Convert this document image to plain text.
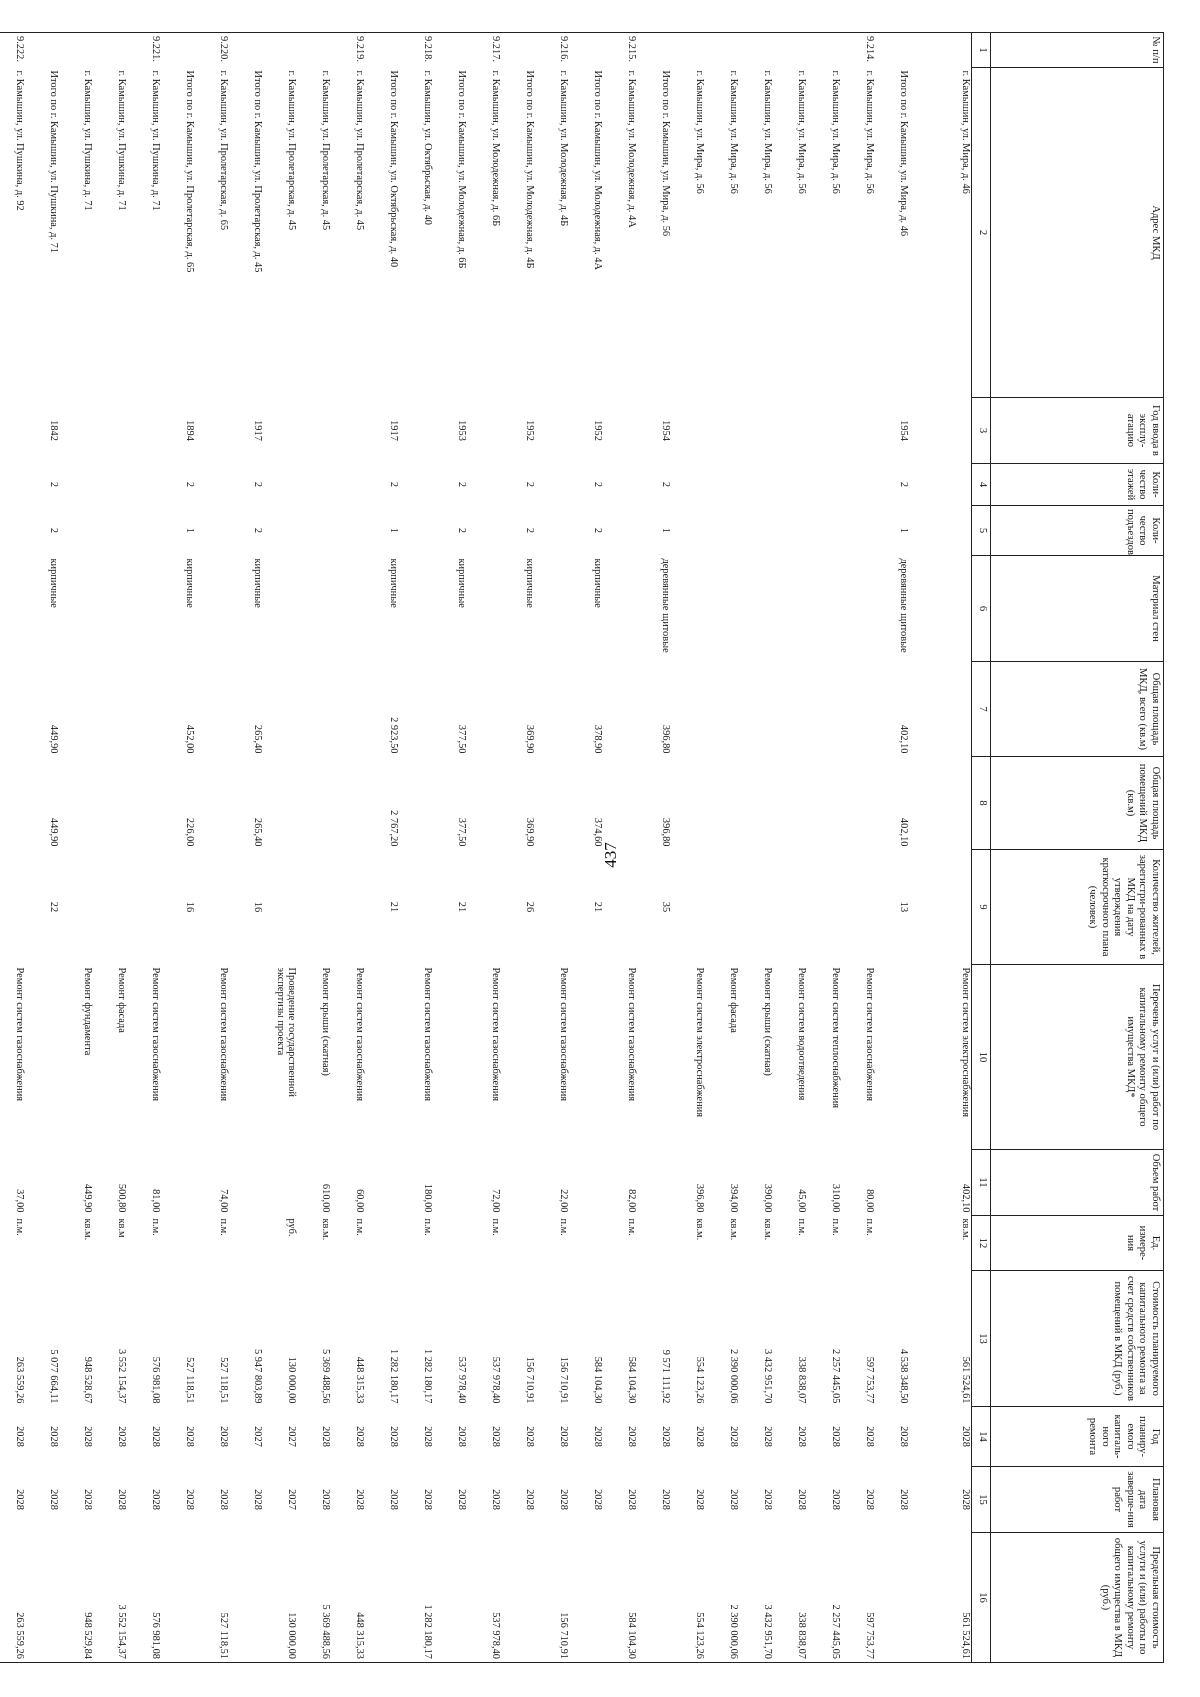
437
№ п/п	Адрес МКД	Год ввода в эксплу-атацию	Коли-чество этажей	Коли-чество подъездов	Материал стен	Общая площадь МКД, всего (кв.м)	Общая площадь помещений МКД (кв.м)	Количество жителей, зарегистри-рованных в МКД на дату утверждения краткосрочного плана (человек)	Перечень услуг и (или) работ по капитальному ремонту общего имущества МКД*	Объем работ	Ед. измере-ния	Стоимость планируемого капитального ремонта за счет средств собственников помещений в МКД (руб.)	Год планиру-емого капиталь-ного ремонта	Плановая дата заверше-ния работ	Предельная стоимость услуги и (или) работы по капитальному ремонту общего имущества в МКД (руб.)
1	2	3	4	5	6	7	8	9	10	11	12	13	14	15	16
	г. Камышин, ул. Мира, д. 46								Ремонт систем электроснабжения	402,10	кв.м.	561 524,61	2028	2028	561 524,61
	Итого по г. Камышин, ул. Мира, д. 46	1954	2	1	деревянные щитовые	402,10	402,10	13				4 538 348,50	2028	2028	
9.214.	г. Камышин, ул. Мира, д. 56								Ремонт систем газоснабжения	80,00	п.м.	597 753,77	2028	2028	597 753,77
	г. Камышин, ул. Мира, д. 56								Ремонт систем теплоснабжения	310,00	п.м.	2 257 445,05	2028	2028	2 257 445,05
	г. Камышин, ул. Мира, д. 56								Ремонт систем водоотведения	45,00	п.м.	338 838,07	2028	2028	338 838,07
	г. Камышин, ул. Мира, д. 56								Ремонт крыши (скатная)	390,00	кв.м.	3 432 951,70	2028	2028	3 432 951,70
	г. Камышин, ул. Мира, д. 56								Ремонт фасада	394,00	кв.м.	2 390 000,06	2028	2028	2 390 000,06
	г. Камышин, ул. Мира, д. 56								Ремонт систем электроснабжения	396,80	кв.м.	554 123,26	2028	2028	554 123,26
	Итого по г. Камышин, ул. Мира, д. 56	1954	2	1	деревянные щитовые	396,80	396,80	35				9 571 111,92	2028	2028	
9.215.	г. Камышин, ул. Молодежная, д. 4А								Ремонт систем газоснабжения	82,00	п.м.	584 104,30	2028	2028	584 104,30
	Итого по г. Камышин, ул. Молодежная, д. 4А	1952	2	2	кирпичные	378,90	374,60	21				584 104,30	2028	2028	
9.216.	г. Камышин, ул. Молодежная, д. 4Б								Ремонт систем газоснабжения	22,00	п.м.	156 710,91	2028	2028	156 710,91
	Итого по г. Камышин, ул. Молодежная, д. 4Б	1952	2	2	кирпичные	369,90	369,90	26				156 710,91	2028	2028	
9.217.	г. Камышин, ул. Молодежная, д. 6Б								Ремонт систем газоснабжения	72,00	п.м.	537 978,40	2028	2028	537 978,40
	Итого по г. Камышин, ул. Молодежная, д. 6Б	1953	2	2	кирпичные	377,50	377,50	21				537 978,40	2028	2028	
9.218.	г. Камышин, ул. Октябрьская, д. 40								Ремонт систем газоснабжения	180,00	п.м.	1 282 180,17	2028	2028	1 282 180,17
	Итого по г. Камышин, ул. Октябрьская, д. 40	1917	2	1	кирпичные	2 923,50	2 767,20	21				1 282 180,17	2028	2028	
9.219.	г. Камышин, ул. Пролетарская, д. 45								Ремонт систем газоснабжения	60,00	п.м.	448 315,33	2028	2028	448 315,33
	г. Камышин, ул. Пролетарская, д. 45								Ремонт крыши (скатная)	610,00	кв.м.	5 369 488,56	2028	2028	5 369 488,56
	г. Камышин, ул. Пролетарская, д. 45								Проведение государственной экспертизы проекта		руб.	130 000,00	2027	2027	130 000,00
	Итого по г. Камышин, ул. Пролетарская, д. 45	1917	2	2	кирпичные	265,40	265,40	16				5 947 803,89	2027	2028	
9.220.	г. Камышин, ул. Пролетарская, д. 65								Ремонт систем газоснабжения	74,00	п.м.	527 118,51	2028	2028	527 118,51
	Итого по г. Камышин, ул. Пролетарская, д. 65	1894	2	1	кирпичные	452,00	226,00	16				527 118,51	2028	2028	
9.221.	г. Камышин, ул. Пушкина, д. 71								Ремонт систем газоснабжения	81,00	п.м.	576 981,08	2028	2028	576 981,08
	г. Камышин, ул. Пушкина, д. 71								Ремонт фасада	500,80	кв.м	3 552 154,37	2028	2028	3 552 154,37
	г. Камышин, ул. Пушкина, д. 71								Ремонт фундамента	449,90	кв.м.	948 528,67	2028	2028	948 529,84
	Итого по г. Камышин, ул. Пушкина, д. 71	1842	2	2	кирпичные	449,90	449,90	22				5 077 664,11	2028	2028	
9.222.	г. Камышин, ул. Пушкина, д. 92								Ремонт систем газоснабжения	37,00	п.м.	263 559,26	2028	2028	263 559,26
